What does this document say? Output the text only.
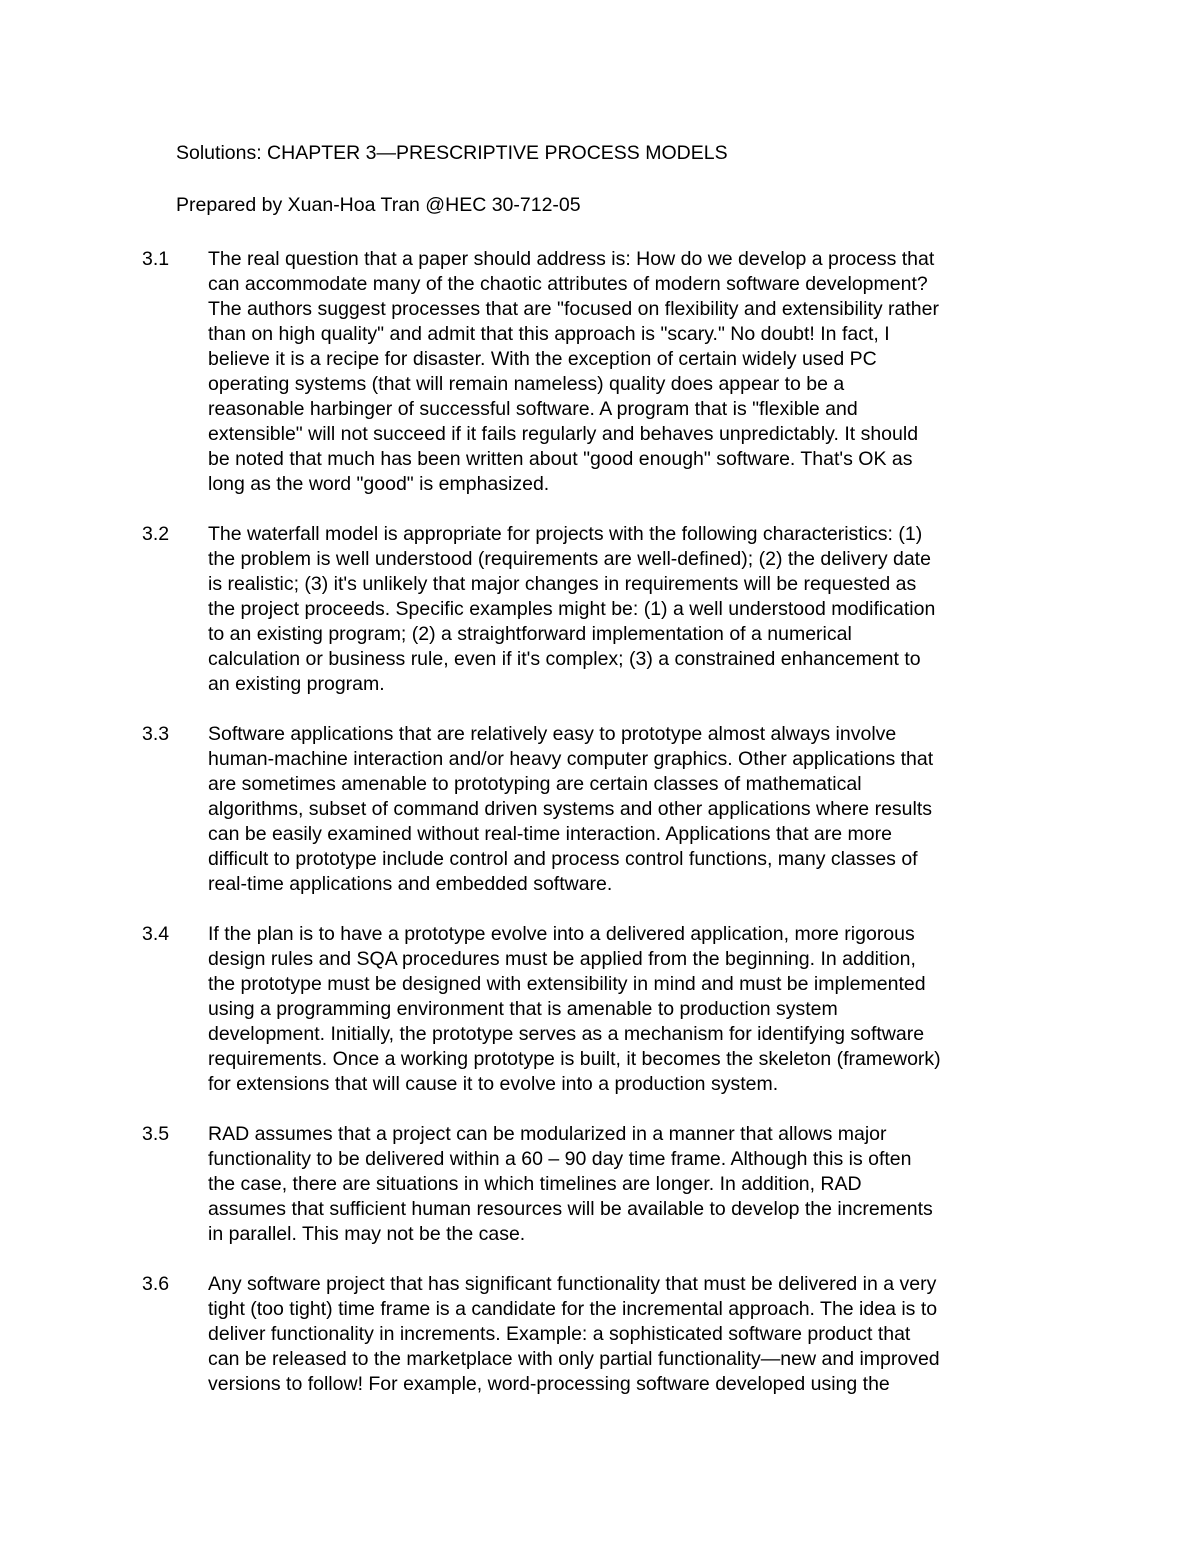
Solutions: CHAPTER 3—PRESCRIPTIVE PROCESS MODELS
Prepared by Xuan-Hoa Tran @HEC 30-712-05
3.1 The real question that a paper should address is: How do we develop a process that
can accommodate many of the chaotic attributes of modern software development?
The authors suggest processes that are "focused on flexibility and extensibility rather
than on high quality" and admit that this approach is "scary." No doubt! In fact, I
believe it is a recipe for disaster. With the exception of certain widely used PC
operating systems (that will remain nameless) quality does appear to be a
reasonable harbinger of successful software. A program that is "flexible and
extensible" will not succeed if it fails regularly and behaves unpredictably. It should
be noted that much has been written about "good enough" software. That's OK as
long as the word "good" is emphasized.
3.2 The waterfall model is appropriate for projects with the following characteristics: (1)
the problem is well understood (requirements are well-defined); (2) the delivery date
is realistic; (3) it's unlikely that major changes in requirements will be requested as
the project proceeds. Specific examples might be: (1) a well understood modification
to an existing program; (2) a straightforward implementation of a numerical
calculation or business rule, even if it's complex; (3) a constrained enhancement to
an existing program.
3.3 Software applications that are relatively easy to prototype almost always involve
human-machine interaction and/or heavy computer graphics. Other applications that
are sometimes amenable to prototyping are certain classes of mathematical
algorithms, subset of command driven systems and other applications where results
can be easily examined without real-time interaction. Applications that are more
difficult to prototype include control and process control functions, many classes of
real-time applications and embedded software.
3.4 If the plan is to have a prototype evolve into a delivered application, more rigorous
design rules and SQA procedures must be applied from the beginning. In addition,
the prototype must be designed with extensibility in mind and must be implemented
using a programming environment that is amenable to production system
development. Initially, the prototype serves as a mechanism for identifying software
requirements. Once a working prototype is built, it becomes the skeleton (framework)
for extensions that will cause it to evolve into a production system.
3.5 RAD assumes that a project can be modularized in a manner that allows major
functionality to be delivered within a 60 – 90 day time frame. Although this is often
the case, there are situations in which timelines are longer. In addition, RAD
assumes that sufficient human resources will be available to develop the increments
in parallel. This may not be the case.
3.6 Any software project that has significant functionality that must be delivered in a very
tight (too tight) time frame is a candidate for the incremental approach. The idea is to
deliver functionality in increments. Example: a sophisticated software product that
can be released to the marketplace with only partial functionality—new and improved
versions to follow! For example, word-processing software developed using the
